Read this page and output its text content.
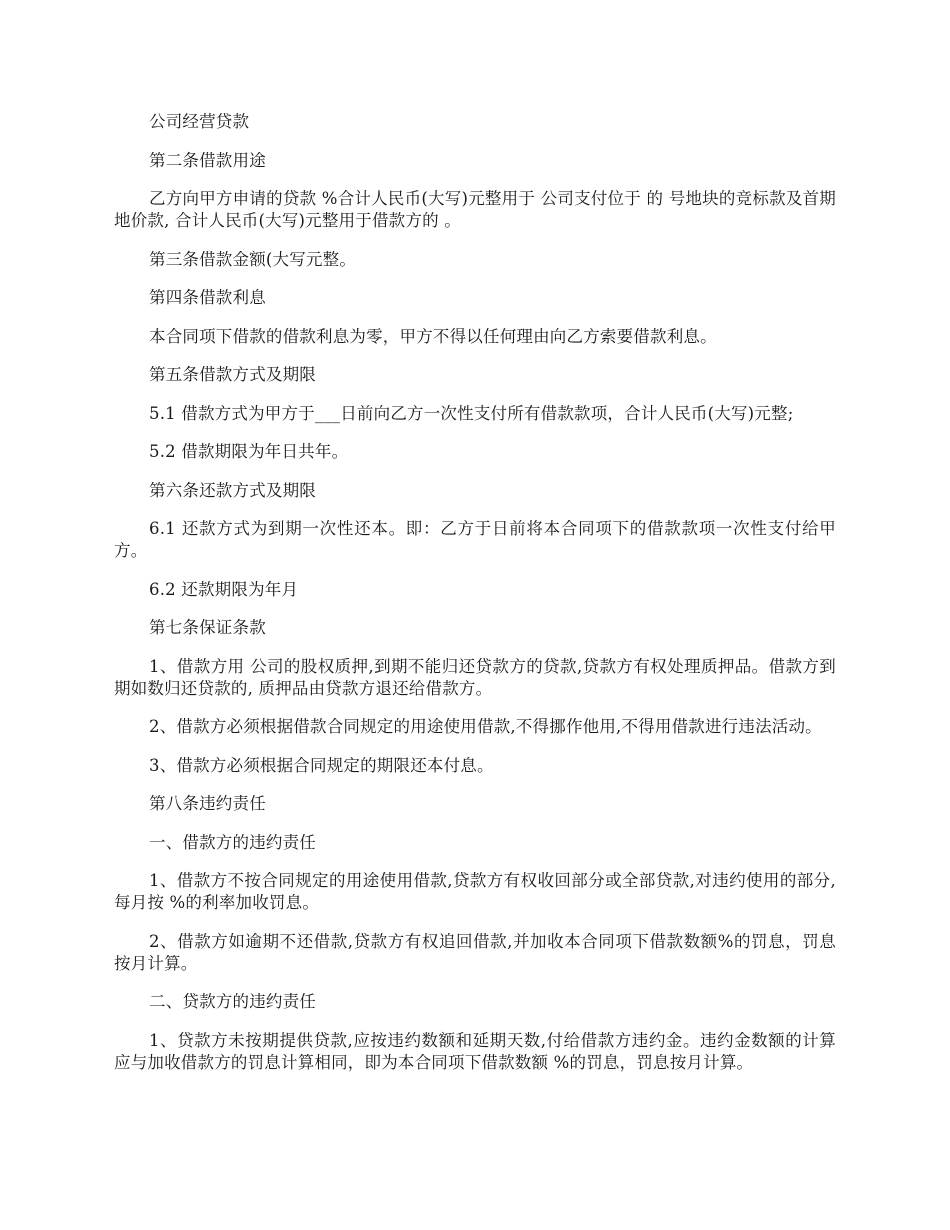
公司经营贷款

第二条借款用途

乙方向甲方申请的贷款 %合计人民币(大写)元整用于 公司支付位于 的 号地块的竞标款及首期地价款, 合计人民币(大写)元整用于借款方的 。

第三条借款金额(大写元整。

第四条借款利息

本合同项下借款的借款利息为零，甲方不得以任何理由向乙方索要借款利息。

第五条借款方式及期限

5.1 借款方式为甲方于___日前向乙方一次性支付所有借款款项，合计人民币(大写)元整;

5.2 借款期限为年日共年。

第六条还款方式及期限

6.1 还款方式为到期一次性还本。即：乙方于日前将本合同项下的借款款项一次性支付给甲方。

6.2 还款期限为年月

第七条保证条款

1、借款方用 公司的股权质押,到期不能归还贷款方的贷款,贷款方有权处理质押品。借款方到期如数归还贷款的, 质押品由贷款方退还给借款方。

2、借款方必须根据借款合同规定的用途使用借款,不得挪作他用,不得用借款进行违法活动。

3、借款方必须根据合同规定的期限还本付息。

第八条违约责任

一、借款方的违约责任

1、借款方不按合同规定的用途使用借款,贷款方有权收回部分或全部贷款,对违约使用的部分,每月按 %的利率加收罚息。

2、借款方如逾期不还借款,贷款方有权追回借款,并加收本合同项下借款数额%的罚息，罚息按月计算。

二、贷款方的违约责任

1、贷款方未按期提供贷款,应按违约数额和延期天数,付给借款方违约金。违约金数额的计算应与加收借款方的罚息计算相同，即为本合同项下借款数额 %的罚息，罚息按月计算。
